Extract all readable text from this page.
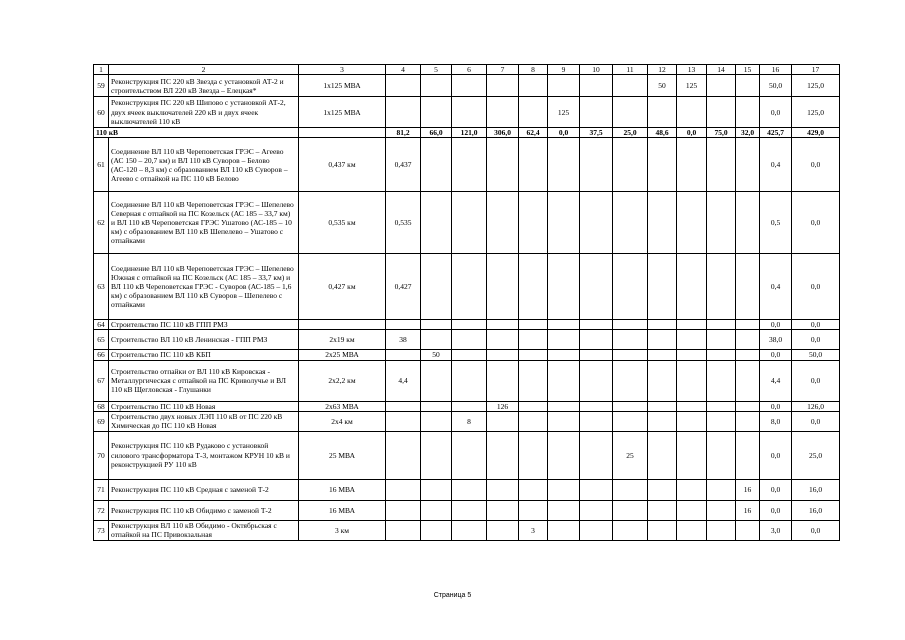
1	2	3	4	5	6	7	8	9	10	11	12	13	14	15	16	17
59	Реконструкция ПС 220 кВ Звезда с установкой АТ-2 и строительством ВЛ 220 кВ Звезда – Елецкая*	1х125 МВА									50	125			50,0	125,0
60	Реконструкция ПС 220 кВ Шипово с установкой АТ-2, двух ячеек выключателей 220 кВ и двух ячеек выключателей 110 кВ	1х125 МВА						125							0,0	125,0
110 кВ			81,2	66,0	121,0	306,0	62,4	0,0	37,5	25,0	48,6	0,0	75,0	32,0	425,7	429,0
61	Соединение ВЛ 110 кВ Череповетская ГРЭС – Агеево (АС 150 – 20,7 км) и ВЛ 110 кВ Суворов – Белово (АС-120 – 8,3 км) с образованием ВЛ 110 кВ Суворов – Агеево с отпайкой на ПС 110 кВ Белово	0,437 км	0,437												0,4	0,0
62	Соединение ВЛ 110 кВ Череповетская ГРЭС – Шепелево Северная с отпайкой на ПС Козельск (АС 185 – 33,7 км) и ВЛ 110 кВ Череповетская ГРЭС Ушатово (АС-185 – 10 км) с образованием ВЛ 110 кВ Шепелево – Ушатово с отпайками	0,535 км	0,535												0,5	0,0
63	Соединение ВЛ 110 кВ Череповетская ГРЭС – Шепелево Южная с отпайкой на ПС Козельск (АС 185 – 33,7 км) и ВЛ 110 кВ Череповетская ГРЭС - Суворов (АС-185 – 1,6 км) с образованием ВЛ 110 кВ Суворов – Шепелево с отпайками	0,427 км	0,427												0,4	0,0
64	Строительство ПС 110 кВ ГПП РМЗ														0,0	0,0
65	Строительство ВЛ 110 кВ Ленинская - ГПП РМЗ	2х19 км	38												38,0	0,0
66	Строительство ПС 110 кВ КБП	2х25 МВА		50											0,0	50,0
67	Строительство отпайки от ВЛ 110 кВ Кировская - Металлургическая с отпайкой на ПС Криволучье и ВЛ 110 кВ Щегловская - Глушанки	2х2,2 км	4,4												4,4	0,0
68	Строительство ПС 110 кВ Новая	2х63 МВА				126									0,0	126,0
69	Строительство двух новых ЛЭП 110 кВ от ПС 220 кВ Химическая до ПС 110 кВ Новая	2х4 км			8										8,0	0,0
70	Реконструкция ПС 110 кВ Рудаково с установкой силового трансформатора Т-3, монтажом КРУН 10 кВ и реконструкцией РУ 110 кВ	25 МВА								25					0,0	25,0
71	Реконструкция ПС 110 кВ Средная с заменой Т-2	16 МВА												16	0,0	16,0
72	Реконструкция ПС 110 кВ Обидимо с заменой Т-2	16 МВА												16	0,0	16,0
73	Реконструкция ВЛ 110 кВ Обидимо - Октябрьская с отпайкой на ПС Привокзальная	3 км					3								3,0	0,0
Страница 5
